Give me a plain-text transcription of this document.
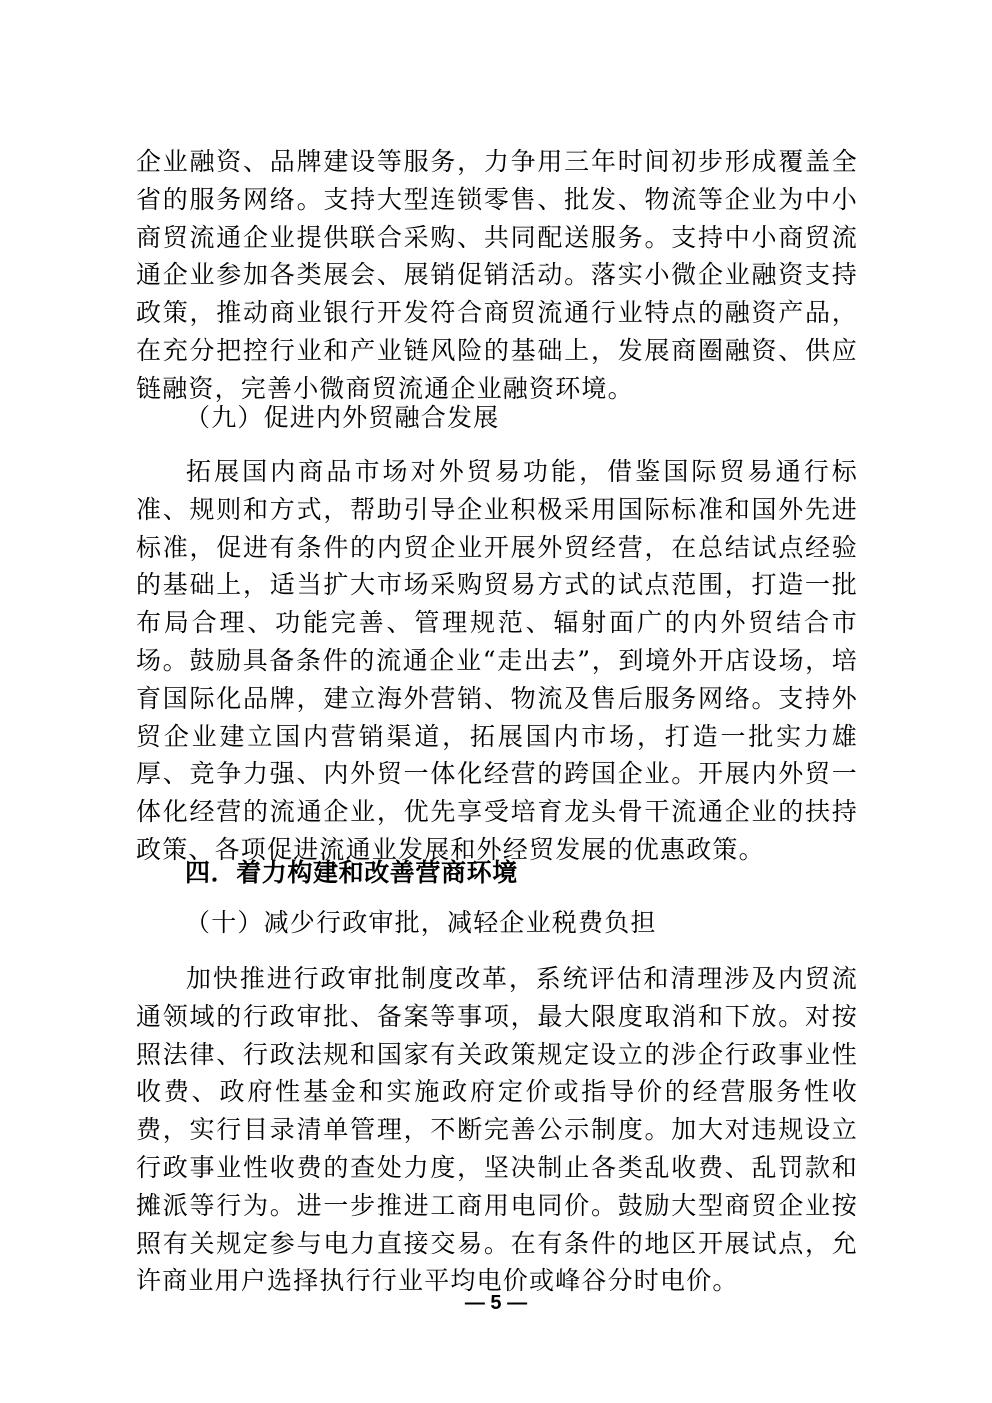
企业融资、品牌建设等服务，力争用三年时间初步形成覆盖全省的服务网络。支持大型连锁零售、批发、物流等企业为中小商贸流通企业提供联合采购、共同配送服务。支持中小商贸流通企业参加各类展会、展销促销活动。落实小微企业融资支持政策，推动商业银行开发符合商贸流通行业特点的融资产品，在充分把控行业和产业链风险的基础上，发展商圈融资、供应链融资，完善小微商贸流通企业融资环境。

（九）促进内外贸融合发展

拓展国内商品市场对外贸易功能，借鉴国际贸易通行标准、规则和方式，帮助引导企业积极采用国际标准和国外先进标准，促进有条件的内贸企业开展外贸经营，在总结试点经验的基础上，适当扩大市场采购贸易方式的试点范围，打造一批布局合理、功能完善、管理规范、辐射面广的内外贸结合市场。鼓励具备条件的流通企业“走出去”，到境外开店设场，培育国际化品牌，建立海外营销、物流及售后服务网络。支持外贸企业建立国内营销渠道，拓展国内市场，打造一批实力雄厚、竞争力强、内外贸一体化经营的跨国企业。开展内外贸一体化经营的流通企业，优先享受培育龙头骨干流通企业的扶持政策、各项促进流通业发展和外经贸发展的优惠政策。

四．着力构建和改善营商环境

（十）减少行政审批，减轻企业税费负担

加快推进行政审批制度改革，系统评估和清理涉及内贸流通领域的行政审批、备案等事项，最大限度取消和下放。对按照法律、行政法规和国家有关政策规定设立的涉企行政事业性收费、政府性基金和实施政府定价或指导价的经营服务性收费，实行目录清单管理，不断完善公示制度。加大对违规设立行政事业性收费的查处力度，坚决制止各类乱收费、乱罚款和摊派等行为。进一步推进工商用电同价。鼓励大型商贸企业按照有关规定参与电力直接交易。在有条件的地区开展试点，允许商业用户选择执行行业平均电价或峰谷分时电价。

— 5 —
